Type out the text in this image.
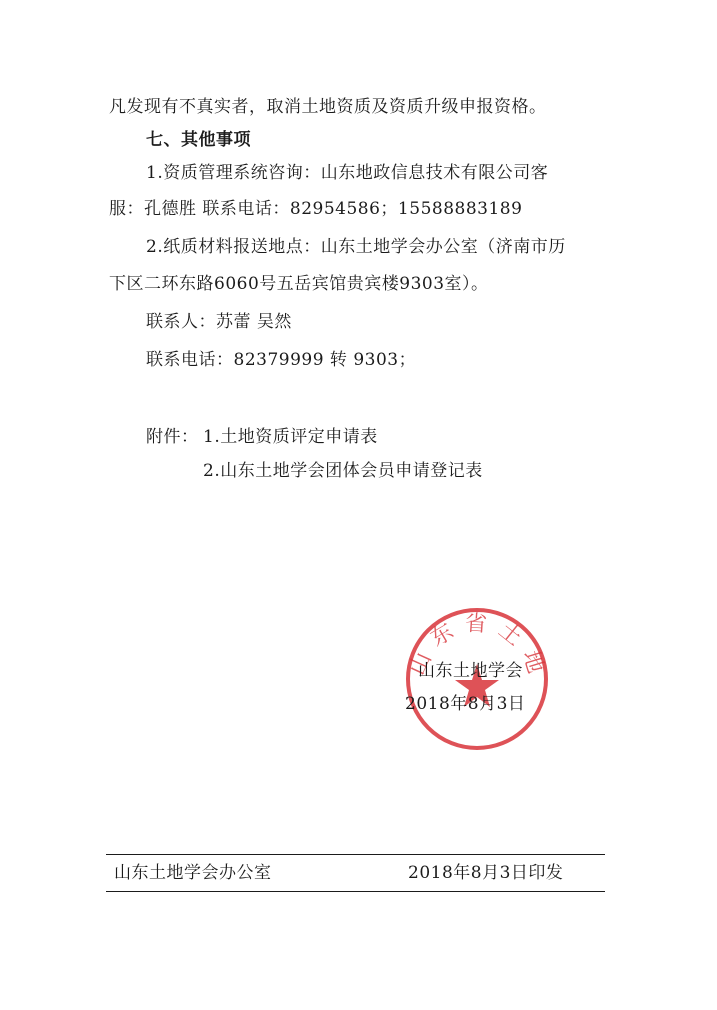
凡发现有不真实者，取消土地资质及资质升级申报资格。
七、其他事项
1.资质管理系统咨询：山东地政信息技术有限公司客
服：孔德胜 联系电话：82954586；15588883189
2.纸质材料报送地点：山东土地学会办公室（济南市历
下区二环东路6060号五岳宾馆贵宾楼9303室）。
联系人：苏蕾 吴然
联系电话：82379999 转 9303；
附件： 1.土地资质评定申请表
2.山东土地学会团体会员申请登记表
山东省土地
山东土地学会
2018年8月3日
山东土地学会办公室	2018年8月3日印发
